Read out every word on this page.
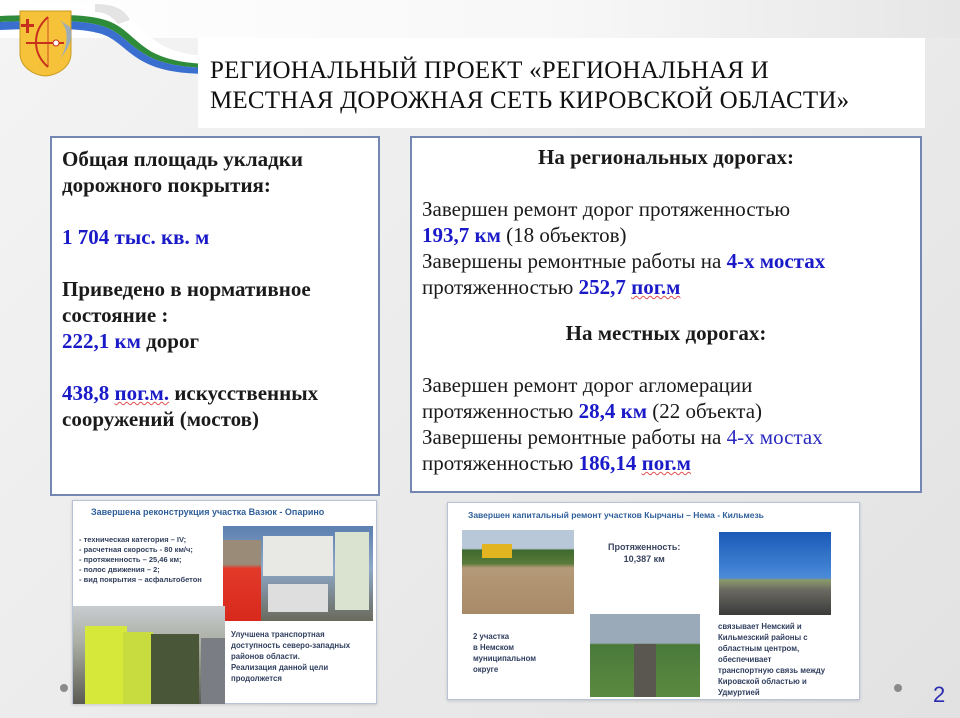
РЕГИОНАЛЬНЫЙ ПРОЕКТ «РЕГИОНАЛЬНАЯ И
МЕСТНАЯ ДОРОЖНАЯ СЕТЬ КИРОВСКОЙ ОБЛАСТИ»
Общая площадь укладки
дорожного покрытия:
1 704 тыс. кв. м
Приведено в нормативное
состояние :
222,1 км дорог
438,8 пог.м. искусственных
сооружений (мостов)
На региональных дорогах:
Завершен ремонт дорог протяженностью
193,7 км (18 объектов)
Завершены ремонтные работы на 4-х мостах
протяженностью 252,7 пог.м
На местных дорогах:
Завершен ремонт дорог агломерации
протяженностью 28,4 км (22 объекта)
Завершены ремонтные работы на 4-х мостах
протяженностью 186,14 пог.м
Завершена реконструкция участка Вазюк - Опарино
- техническая категория – IV;
- расчетная скорость - 80 км/ч;
- протяженность – 25,46 км;
- полос движения – 2;
- вид покрытия – асфальтобетон
Улучшена транспортная
доступность северо-западных
районов области.
Реализация данной цели
продолжется
Завершен капитальный ремонт участков Кырчаны – Нема - Кильмезь
Протяженность:
10,387 км
2 участка
в Немском
муниципальном
округе
связывает Немский и
Кильмезский районы с
областным центром,
обеспечивает
транспортную связь между
Кировской областью и
Удмуртией	2
